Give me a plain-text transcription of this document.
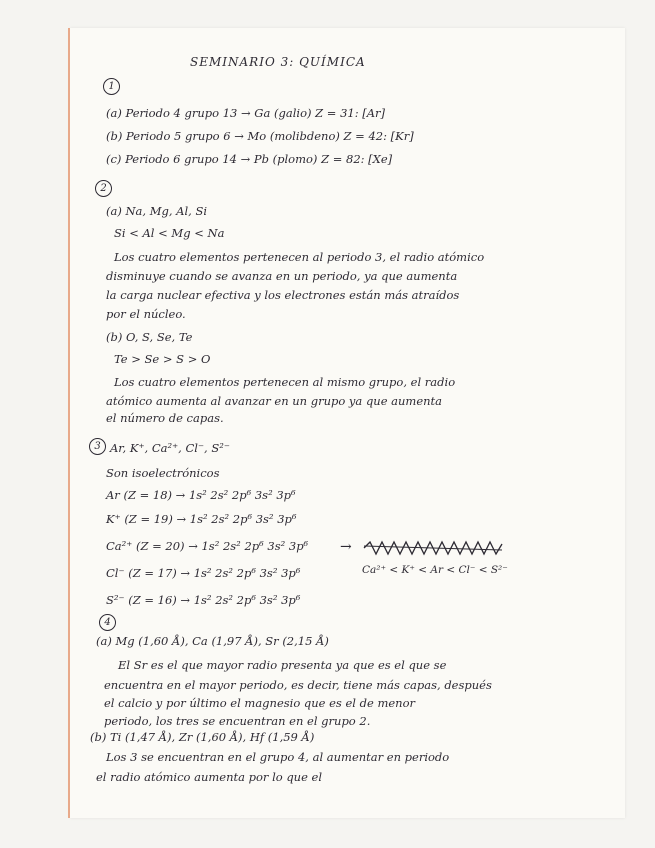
SEMINARIO 3: QUÍMICA
1
(a) Periodo 4 grupo 13 → Ga (galio) Z = 31: [Ar]
(b) Periodo 5 grupo 6 → Mo (molibdeno) Z = 42: [Kr]
(c) Periodo 6 grupo 14 → Pb (plomo) Z = 82: [Xe]
2
(a) Na, Mg, Al, Si
Si < Al < Mg < Na
Los cuatro elementos pertenecen al periodo 3, el radio atómico
disminuye cuando se avanza en un periodo, ya que aumenta
la carga nuclear efectiva y los electrones están más atraídos
por el núcleo.
(b) O, S, Se, Te
Te > Se > S > O
Los cuatro elementos pertenecen al mismo grupo, el radio
atómico aumenta al avanzar en un grupo ya que aumenta
el número de capas.
3 Ar, K⁺, Ca²⁺, Cl⁻, S²⁻
Son isoelectrónicos
Ar (Z = 18) → 1s² 2s² 2p⁶ 3s² 3p⁶
K⁺ (Z = 19) → 1s² 2s² 2p⁶ 3s² 3p⁶
Ca²⁺ (Z = 20) → 1s² 2s² 2p⁶ 3s² 3p⁶
Cl⁻ (Z = 17) → 1s² 2s² 2p⁶ 3s² 3p⁶
S²⁻ (Z = 16) → 1s² 2s² 2p⁶ 3s² 3p⁶
→
Ca²⁺ < K⁺ < Ar < Cl⁻ < S²⁻
4
(a) Mg (1,60 Å), Ca (1,97 Å), Sr (2,15 Å)
El Sr es el que mayor radio presenta ya que es el que se
encuentra en el mayor periodo, es decir, tiene más capas, después
el calcio y por último el magnesio que es el de menor
periodo, los tres se encuentran en el grupo 2.
(b) Ti (1,47 Å), Zr (1,60 Å), Hf (1,59 Å)
Los 3 se encuentran en el grupo 4, al aumentar en periodo
el radio atómico aumenta por lo que el
